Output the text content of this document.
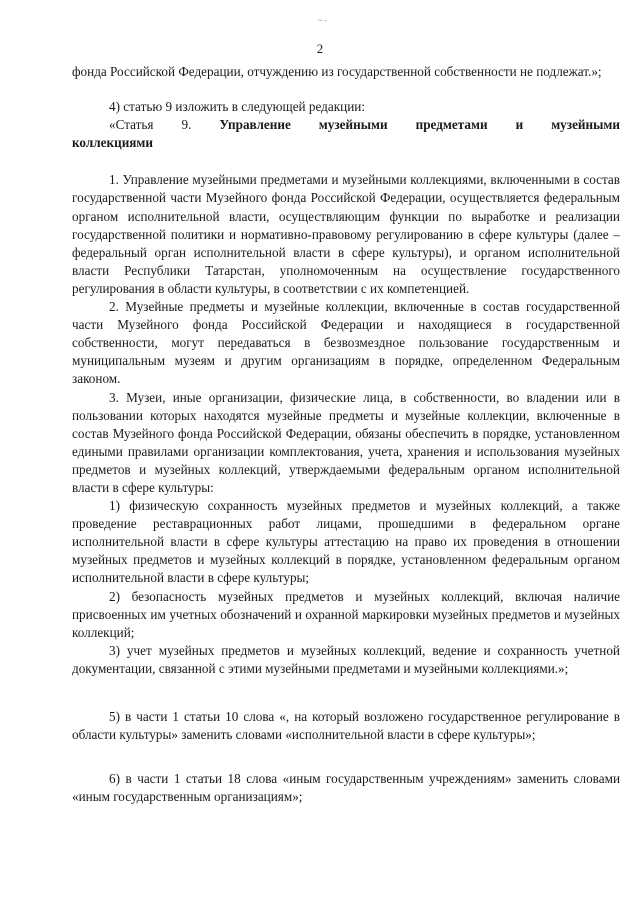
~ ‑
2

фонда Российской Федерации, отчуждению из государственной собственности не подлежат.»;

4) статью 9 изложить в следующей редакции:

«Статья 9. Управление музейными предметами и музейными

коллекциями

1. Управление музейными предметами и музейными коллекциями, включенными в состав государственной части Музейного фонда Российской Федерации, осуществляется федеральным органом исполнительной власти, осуществляющим функции по выработке и реализации государственной политики и нормативно-правовому регулированию в сфере культуры (далее – федеральный орган исполнительной власти в сфере культуры), и органом исполнительной власти Республики Татарстан, уполномоченным на осуществление государственного регулирования в области культуры, в соответствии с их компетенцией.

2. Музейные предметы и музейные коллекции, включенные в состав государственной части Музейного фонда Российской Федерации и находящиеся в государственной собственности, могут передаваться в безвозмездное пользование государственным и муниципальным музеям и другим организациям в порядке, определенном Федеральным законом.

3. Музеи, иные организации, физические лица, в собственности, во владении или в пользовании которых находятся музейные предметы и музейные коллекции, включенные в состав Музейного фонда Российской Федерации, обязаны обеспечить в порядке, установленном едиными правилами организации комплектования, учета, хранения и использования музейных предметов и музейных коллекций, утверждаемыми федеральным органом исполнительной власти в сфере культуры:

1) физическую сохранность музейных предметов и музейных коллекций, а также проведение реставрационных работ лицами, прошедшими в федеральном органе исполнительной власти в сфере культуры аттестацию на право их проведения в отношении музейных предметов и музейных коллекций в порядке, установленном федеральным органом исполнительной власти в сфере культуры;

2) безопасность музейных предметов и музейных коллекций, включая наличие присвоенных им учетных обозначений и охранной маркировки музейных предметов и музейных коллекций;

3) учет музейных предметов и музейных коллекций, ведение и сохранность учетной документации, связанной с этими музейными предметами и музейными коллекциями.»;

5) в части 1 статьи 10 слова «, на который возложено государственное регулирование в области культуры» заменить словами «исполнительной власти в сфере культуры»;

6) в части 1 статьи 18 слова «иным государственным учреждениям» заменить словами «иным государственным организациям»;
